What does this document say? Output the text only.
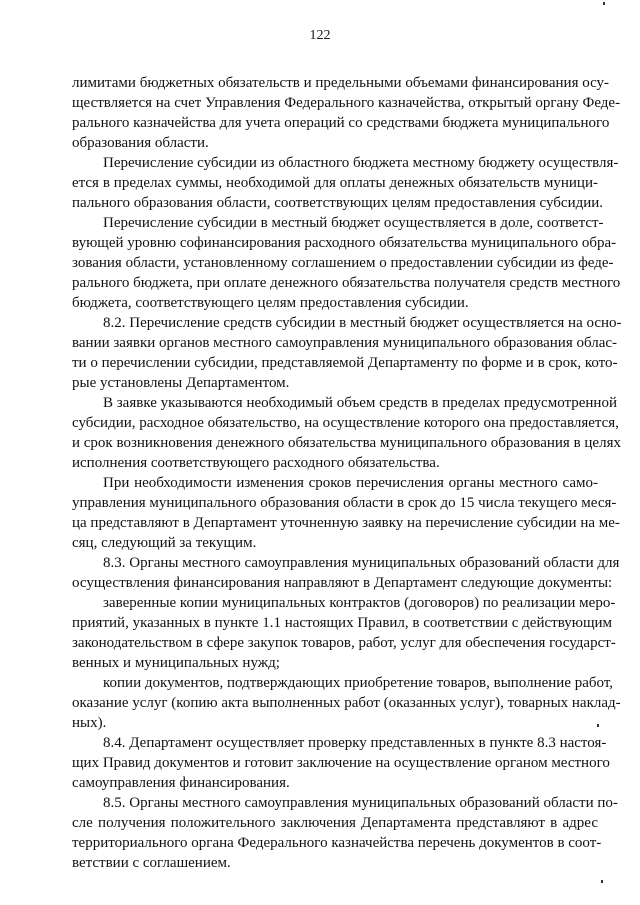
122
лимитами бюджетных обязательств и предельными объемами финансирования осу-
ществляется на счет Управления Федерального казначейства, открытый органу Феде-
рального казначейства для учета операций со средствами бюджета муниципального
образования области.
Перечисление субсидии из областного бюджета местному бюджету осуществля-
ется в пределах суммы, необходимой для оплаты денежных обязательств муници-
пального образования области, соответствующих целям предоставления субсидии.
Перечисление субсидии в местный бюджет осуществляется в доле, соответст-
вующей уровню софинансирования расходного обязательства муниципального обра-
зования области, установленному соглашением о предоставлении субсидии из феде-
рального бюджета, при оплате денежного обязательства получателя средств местного
бюджета, соответствующего целям предоставления субсидии.
8.2. Перечисление средств субсидии в местный бюджет осуществляется на осно-
вании заявки органов местного самоуправления муниципального образования облас-
ти о перечислении субсидии, представляемой Департаменту по форме и в срок, кото-
рые установлены Департаментом.
В заявке указываются необходимый объем средств в пределах предусмотренной
субсидии, расходное обязательство, на осуществление которого она предоставляется,
и срок возникновения денежного обязательства муниципального образования в целях
исполнения соответствующего расходного обязательства.
При необходимости изменения сроков перечисления органы местного само-
управления муниципального образования области в срок до 15 числа текущего меся-
ца представляют в Департамент уточненную заявку на перечисление субсидии на ме-
сяц, следующий за текущим.
8.3. Органы местного самоуправления муниципальных образований области для
осуществления финансирования направляют в Департамент следующие документы:
заверенные копии муниципальных контрактов (договоров) по реализации меро-
приятий, указанных в пункте 1.1 настоящих Правил, в соответствии с действующим
законодательством в сфере закупок товаров, работ, услуг для обеспечения государст-
венных и муниципальных нужд;
копии документов, подтверждающих приобретение товаров, выполнение работ,
оказание услуг (копию акта выполненных работ (оказанных услуг), товарных наклад-
ных).
8.4. Департамент осуществляет проверку представленных в пункте 8.3 настоя-
щих Правид документов и готовит заключение на осуществление органом местного
самоуправления финансирования.
8.5. Органы местного самоуправления муниципальных образований области по-
сле получения положительного заключения Департамента представляют в адрес
территориального органа Федерального казначейства перечень документов в соот-
ветствии с соглашением.
